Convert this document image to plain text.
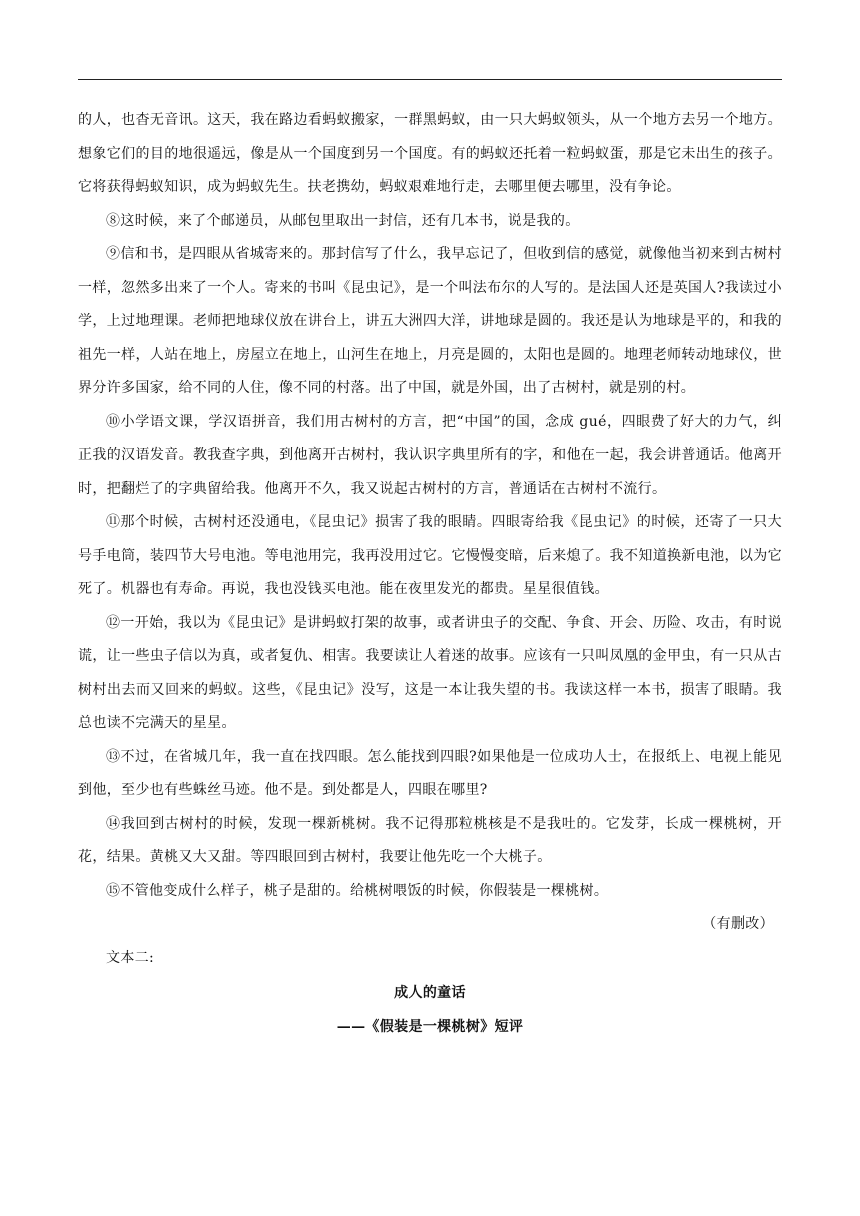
的人，也杳无音讯。这天，我在路边看蚂蚁搬家，一群黑蚂蚁，由一只大蚂蚁领头，从一个地方去另一个地方。想象它们的目的地很遥远，像是从一个国度到另一个国度。有的蚂蚁还托着一粒蚂蚁蛋，那是它未出生的孩子。它将获得蚂蚁知识，成为蚂蚁先生。扶老携幼，蚂蚁艰难地行走，去哪里便去哪里，没有争论。

⑧这时候，来了个邮递员，从邮包里取出一封信，还有几本书，说是我的。

⑨信和书，是四眼从省城寄来的。那封信写了什么，我早忘记了，但收到信的感觉，就像他当初来到古树村一样，忽然多出来了一个人。寄来的书叫《昆虫记》，是一个叫法布尔的人写的。是法国人还是英国人?我读过小学，上过地理课。老师把地球仪放在讲台上，讲五大洲四大洋，讲地球是圆的。我还是认为地球是平的，和我的祖先一样，人站在地上，房屋立在地上，山河生在地上，月亮是圆的，太阳也是圆的。地理老师转动地球仪，世界分许多国家，给不同的人住，像不同的村落。出了中国，就是外国，出了古树村，就是别的村。

⑩小学语文课，学汉语拼音，我们用古树村的方言，把“中国”的国，念成 gué，四眼费了好大的力气，纠正我的汉语发音。教我查字典，到他离开古树村，我认识字典里所有的字，和他在一起，我会讲普通话。他离开时，把翻烂了的字典留给我。他离开不久，我又说起古树村的方言，普通话在古树村不流行。

⑪那个时候，古树村还没通电，《昆虫记》损害了我的眼睛。四眼寄给我《昆虫记》的时候，还寄了一只大号手电筒，装四节大号电池。等电池用完，我再没用过它。它慢慢变暗，后来熄了。我不知道换新电池，以为它死了。机器也有寿命。再说，我也没钱买电池。能在夜里发光的都贵。星星很值钱。

⑫一开始，我以为《昆虫记》是讲蚂蚁打架的故事，或者讲虫子的交配、争食、开会、历险、攻击，有时说谎，让一些虫子信以为真，或者复仇、相害。我要读让人着迷的故事。应该有一只叫凤凰的金甲虫，有一只从古树村出去而又回来的蚂蚁。这些，《昆虫记》没写，这是一本让我失望的书。我读这样一本书，损害了眼睛。我总也读不完满天的星星。

⑬不过，在省城几年，我一直在找四眼。怎么能找到四眼?如果他是一位成功人士，在报纸上、电视上能见到他，至少也有些蛛丝马迹。他不是。到处都是人，四眼在哪里?

⑭我回到古树村的时候，发现一棵新桃树。我不记得那粒桃核是不是我吐的。它发芽，长成一棵桃树，开花，结果。黄桃又大又甜。等四眼回到古树村，我要让他先吃一个大桃子。

⑮不管他变成什么样子，桃子是甜的。给桃树喂饭的时候，你假装是一棵桃树。

（有删改）

文本二:

成人的童话

——《假装是一棵桃树》短评
